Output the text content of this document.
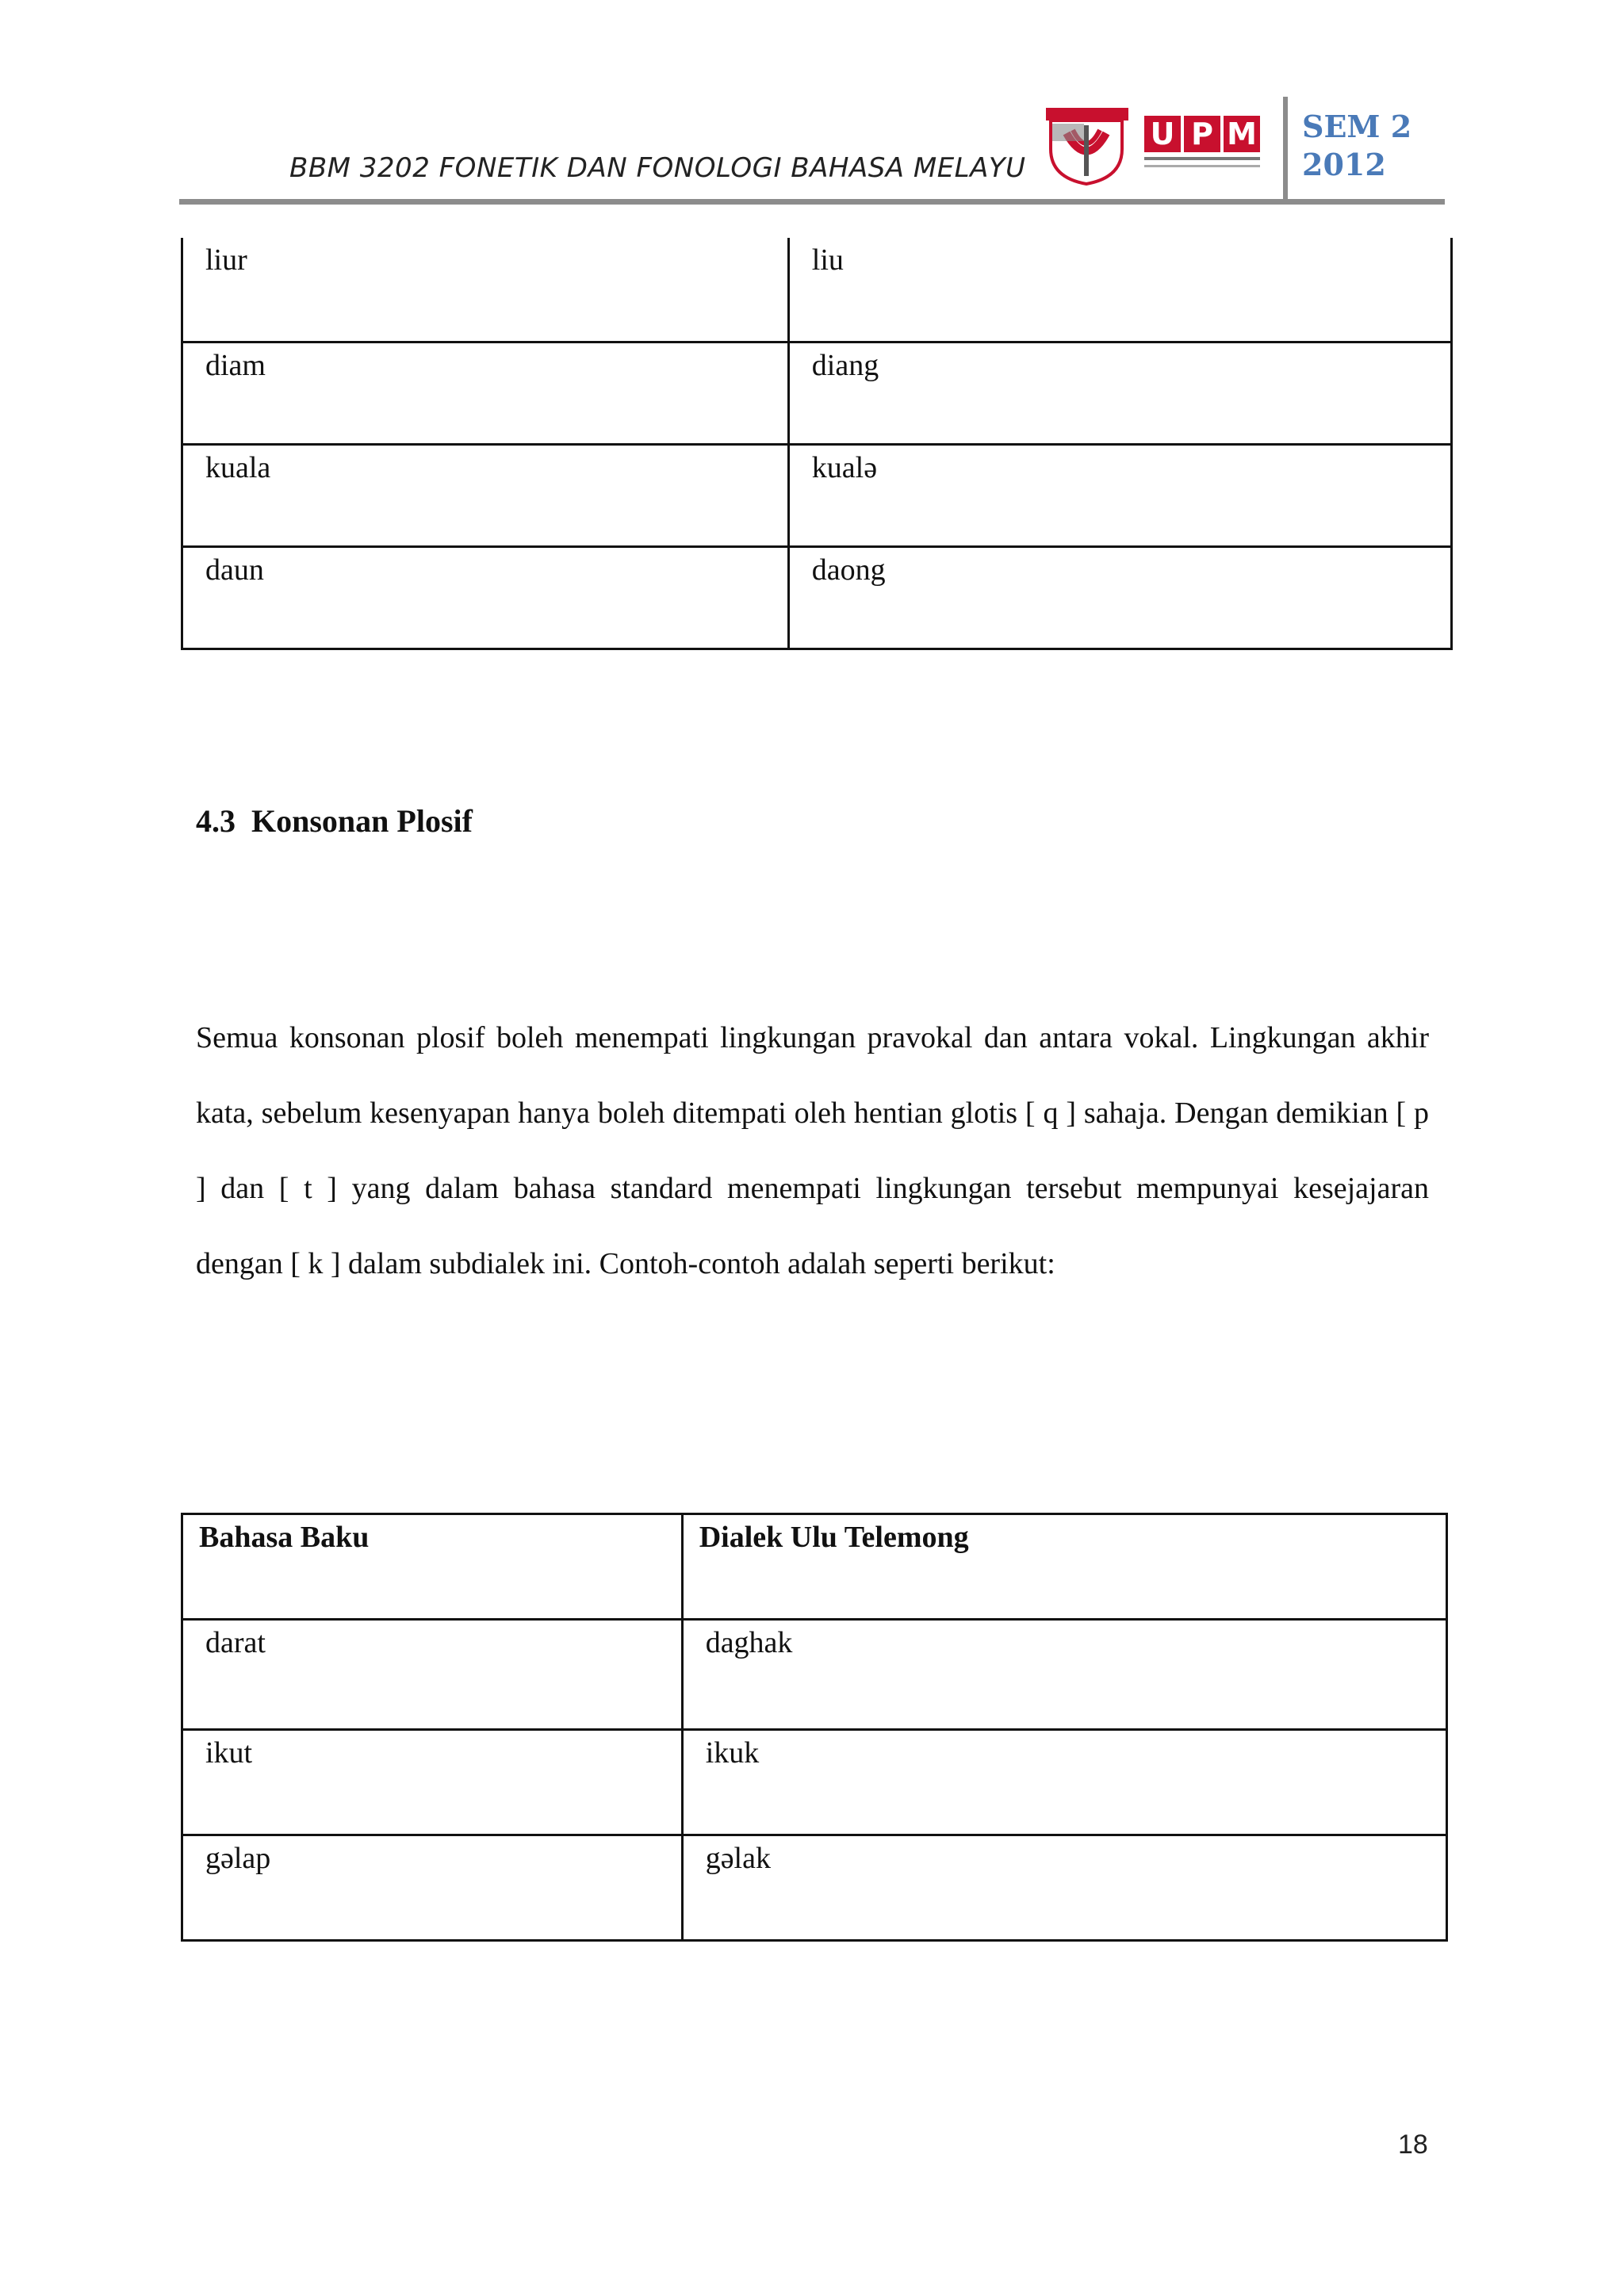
BBM 3202 FONETIK DAN FONOLOGI BAHASA MELAYU
U P M SEM 2
2012
liur	liu

diam	diang

kuala	kualə

daun	daong
4.3  Konsonan Plosif
Semua konsonan plosif boleh menempati lingkungan pravokal dan antara vokal. Lingkungan akhir kata, sebelum kesenyapan hanya boleh ditempati oleh hentian glotis [ q ] sahaja. Dengan demikian [ p ] dan [ t ] yang dalam bahasa standard menempati lingkungan tersebut mempunyai kesejajaran dengan [ k ] dalam subdialek ini. Contoh-contoh adalah seperti berikut:
Bahasa Baku	Dialek Ulu Telemong

darat	daghak

ikut	ikuk

gəlap	gəlak
18
